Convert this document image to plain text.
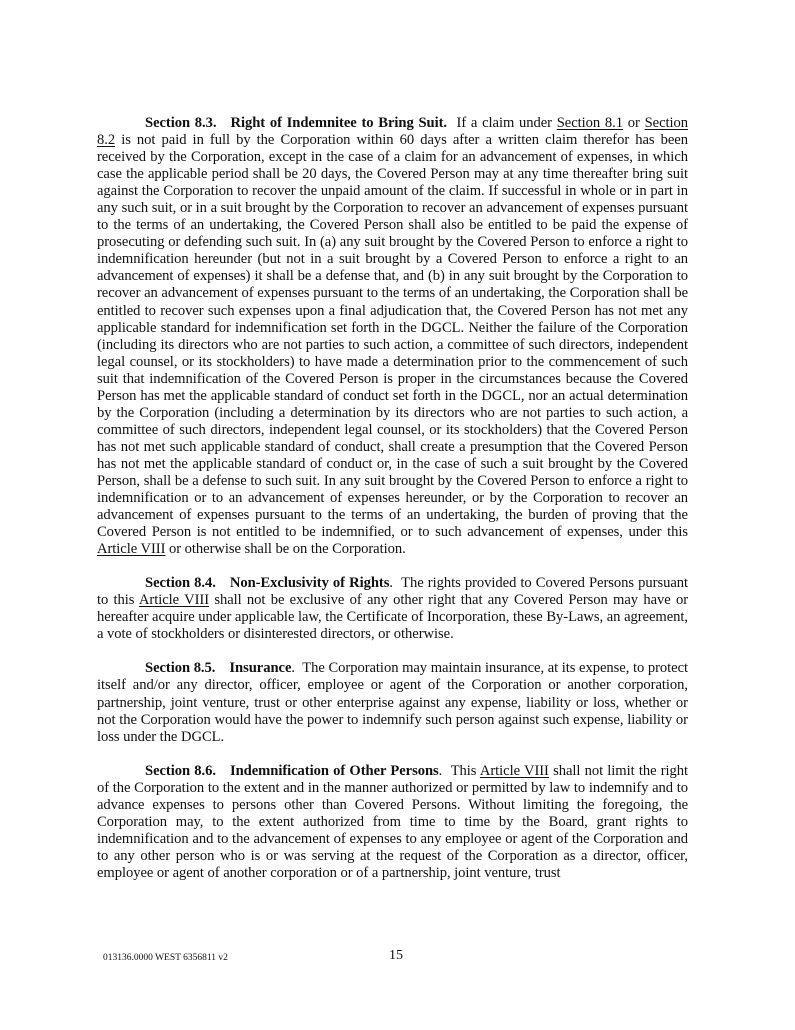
Section 8.3. Right of Indemnitee to Bring Suit. If a claim under Section 8.1 or Section 8.2 is not paid in full by the Corporation within 60 days after a written claim therefor has been received by the Corporation, except in the case of a claim for an advancement of expenses, in which case the applicable period shall be 20 days, the Covered Person may at any time thereafter bring suit against the Corporation to recover the unpaid amount of the claim. If successful in whole or in part in any such suit, or in a suit brought by the Corporation to recover an advancement of expenses pursuant to the terms of an undertaking, the Covered Person shall also be entitled to be paid the expense of prosecuting or defending such suit. In (a) any suit brought by the Covered Person to enforce a right to indemnification hereunder (but not in a suit brought by a Covered Person to enforce a right to an advancement of expenses) it shall be a defense that, and (b) in any suit brought by the Corporation to recover an advancement of expenses pursuant to the terms of an undertaking, the Corporation shall be entitled to recover such expenses upon a final adjudication that, the Covered Person has not met any applicable standard for indemnification set forth in the DGCL. Neither the failure of the Corporation (including its directors who are not parties to such action, a committee of such directors, independent legal counsel, or its stockholders) to have made a determination prior to the commencement of such suit that indemnification of the Covered Person is proper in the circumstances because the Covered Person has met the applicable standard of conduct set forth in the DGCL, nor an actual determination by the Corporation (including a determination by its directors who are not parties to such action, a committee of such directors, independent legal counsel, or its stockholders) that the Covered Person has not met such applicable standard of conduct, shall create a presumption that the Covered Person has not met the applicable standard of conduct or, in the case of such a suit brought by the Covered Person, shall be a defense to such suit. In any suit brought by the Covered Person to enforce a right to indemnification or to an advancement of expenses hereunder, or by the Corporation to recover an advancement of expenses pursuant to the terms of an undertaking, the burden of proving that the Covered Person is not entitled to be indemnified, or to such advancement of expenses, under this Article VIII or otherwise shall be on the Corporation.

Section 8.4. Non-Exclusivity of Rights.  The rights provided to Covered Persons pursuant to this Article VIII shall not be exclusive of any other right that any Covered Person may have or hereafter acquire under applicable law, the Certificate of Incorporation, these By-Laws, an agreement, a vote of stockholders or disinterested directors, or otherwise.

Section 8.5. Insurance.  The Corporation may maintain insurance, at its expense, to protect itself and/or any director, officer, employee or agent of the Corporation or another corporation, partnership, joint venture, trust or other enterprise against any expense, liability or loss, whether or not the Corporation would have the power to indemnify such person against such expense, liability or loss under the DGCL.

Section 8.6. Indemnification of Other Persons.  This Article VIII shall not limit the right of the Corporation to the extent and in the manner authorized or permitted by law to indemnify and to advance expenses to persons other than Covered Persons. Without limiting the foregoing, the Corporation may, to the extent authorized from time to time by the Board, grant rights to indemnification and to the advancement of expenses to any employee or agent of the Corporation and to any other person who is or was serving at the request of the Corporation as a director, officer, employee or agent of another corporation or of a partnership, joint venture, trust

013136.0000 WEST 6356811 v2	15
